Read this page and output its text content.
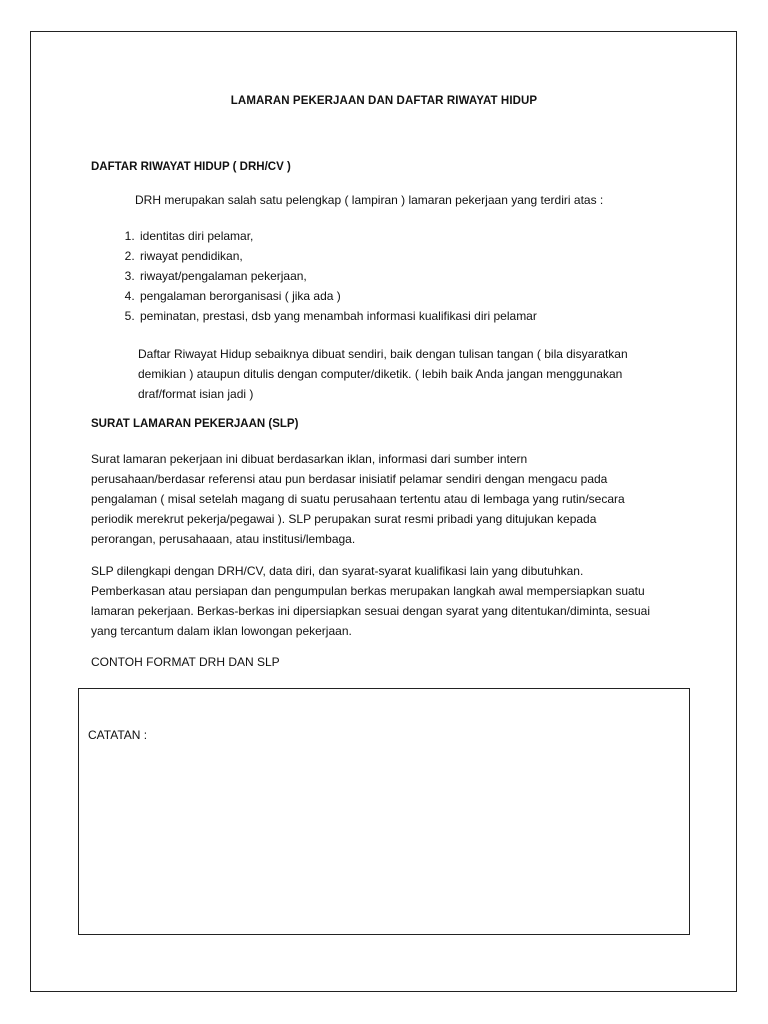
LAMARAN PEKERJAAN DAN DAFTAR RIWAYAT HIDUP
DAFTAR RIWAYAT HIDUP ( DRH/CV )
DRH merupakan salah satu pelengkap ( lampiran ) lamaran pekerjaan yang terdiri atas :
1. identitas diri pelamar,
2. riwayat pendidikan,
3. riwayat/pengalaman pekerjaan,
4. pengalaman berorganisasi ( jika ada )
5. peminatan, prestasi, dsb yang menambah informasi kualifikasi diri pelamar
Daftar Riwayat Hidup sebaiknya dibuat sendiri, baik dengan tulisan tangan ( bila disyaratkan
demikian ) ataupun ditulis dengan computer/diketik. ( lebih baik Anda jangan menggunakan
draf/format isian jadi )
SURAT LAMARAN PEKERJAAN (SLP)
Surat lamaran pekerjaan ini dibuat berdasarkan iklan, informasi dari sumber intern
perusahaan/berdasar referensi atau pun berdasar inisiatif pelamar sendiri dengan mengacu pada
pengalaman ( misal setelah magang di suatu perusahaan tertentu atau di lembaga yang rutin/secara
periodik merekrut pekerja/pegawai ). SLP perupakan surat resmi pribadi yang ditujukan kepada
perorangan, perusahaaan, atau institusi/lembaga.
SLP dilengkapi dengan DRH/CV, data diri, dan syarat-syarat kualifikasi lain yang dibutuhkan.
Pemberkasan atau persiapan dan pengumpulan berkas merupakan langkah awal mempersiapkan suatu
lamaran pekerjaan. Berkas-berkas ini dipersiapkan sesuai dengan syarat yang ditentukan/diminta, sesuai
yang tercantum dalam iklan lowongan pekerjaan.
CONTOH FORMAT DRH DAN SLP
CATATAN :
